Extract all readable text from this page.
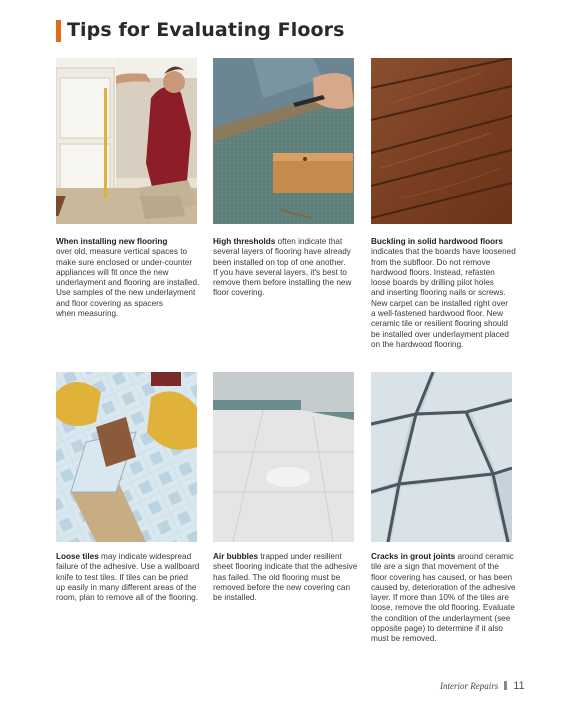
Tips for Evaluating Floors

When installing new flooring

over old, measure vertical spaces to

make sure enclosed or under-counter

appliances will fit once the new

underlayment and flooring are installed.

Use samples of the new underlayment

and floor covering as spacers

when measuring.

High thresholds often indicate that

several layers of flooring have already

been installed on top of one another.

If you have several layers, it's best to

remove them before installing the new

floor covering.

Buckling in solid hardwood floors

indicates that the boards have loosened

from the subfloor. Do not remove

hardwood floors. Instead, refasten

loose boards by drilling pilot holes

and inserting flooring nails or screws.

New carpet can be installed right over

a well-fastened hardwood floor. New

ceramic tile or resilient flooring should

be installed over underlayment placed

on the hardwood flooring.

Loose tiles may indicate widespread

failure of the adhesive. Use a wallboard

knife to test tiles. If tiles can be pried

up easily in many different areas of the

room, plan to remove all of the flooring.

Air bubbles trapped under resilient

sheet flooring indicate that the adhesive

has failed. The old flooring must be

removed before the new covering can

be installed.

Cracks in grout joints around ceramic

tile are a sign that movement of the

floor covering has caused, or has been

caused by, deterioration of the adhesive

layer. If more than 10% of the tiles are

loose, remove the old flooring. Evaluate

the condition of the underlayment (see

opposite page) to determine if it also

must be removed.

Interior Repairs 11
